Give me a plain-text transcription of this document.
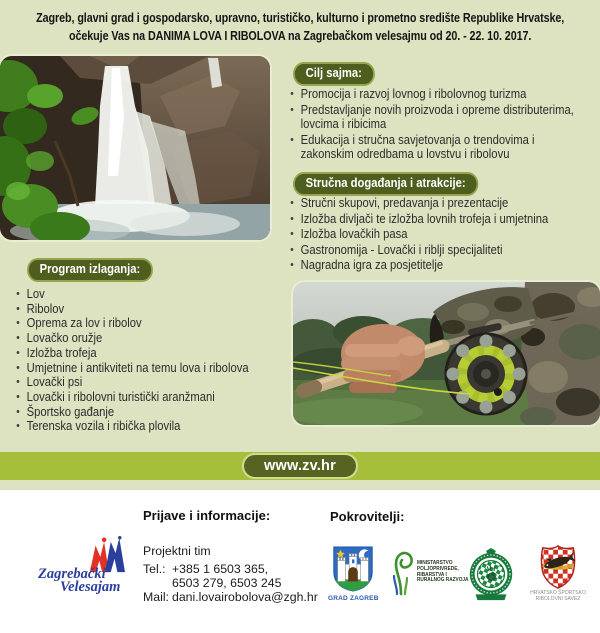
Zagreb, glavni grad i gospodarsko, upravno, turističko, kulturno i prometno središte Republike Hrvatske,
očekuje Vas na DANIMA LOVA I RIBOLOVA na Zagrebačkom velesajmu od 20. - 22. 10. 2017.
Cilj sajma:
• Promocija i razvoj lovnog i ribolovnog turizma
• Predstavljanje novih proizvoda i opreme distributerima, lovcima i ribicima
• Edukacija i stručna savjetovanja o trendovima i zakonskim odredbama u lovstvu i ribolovu
Stručna događanja i atrakcije:
• Stručni skupovi, predavanja i prezentacije
• Izložba divljači te izložba lovnih trofeja i umjetnina
• Izložba lovačkih pasa
• Gastronomija - Lovački i riblji specijaliteti
• Nagradna igra za posjetitelje
Program izlaganja:
• Lov
• Ribolov
• Oprema za lov i ribolov
• Lovačko oružje
• Izložba trofeja
• Umjetnine i antikviteti na temu lova i ribolova
• Lovački psi
• Lovački i ribolovni turistički aranžmani
• Športsko gađanje
• Terenska vozila i ribička plovila
www.zv.hr
Zagrebački
Velesajam
Prijave i informacije:
Projektni tim
Tel.: +385 1 6503 365,
6503 279, 6503 245
Mail: dani.lovairobolova@zgh.hr
Pokrovitelji:
GRAD ZAGREB
MINISTARSTVO
POLJOPRIVREDE,
RIBARSTVA I
RURALNOG RAZVOJA
HRVATSKO ŠPORTSKO
RIBOLOVNI SAVEZ
